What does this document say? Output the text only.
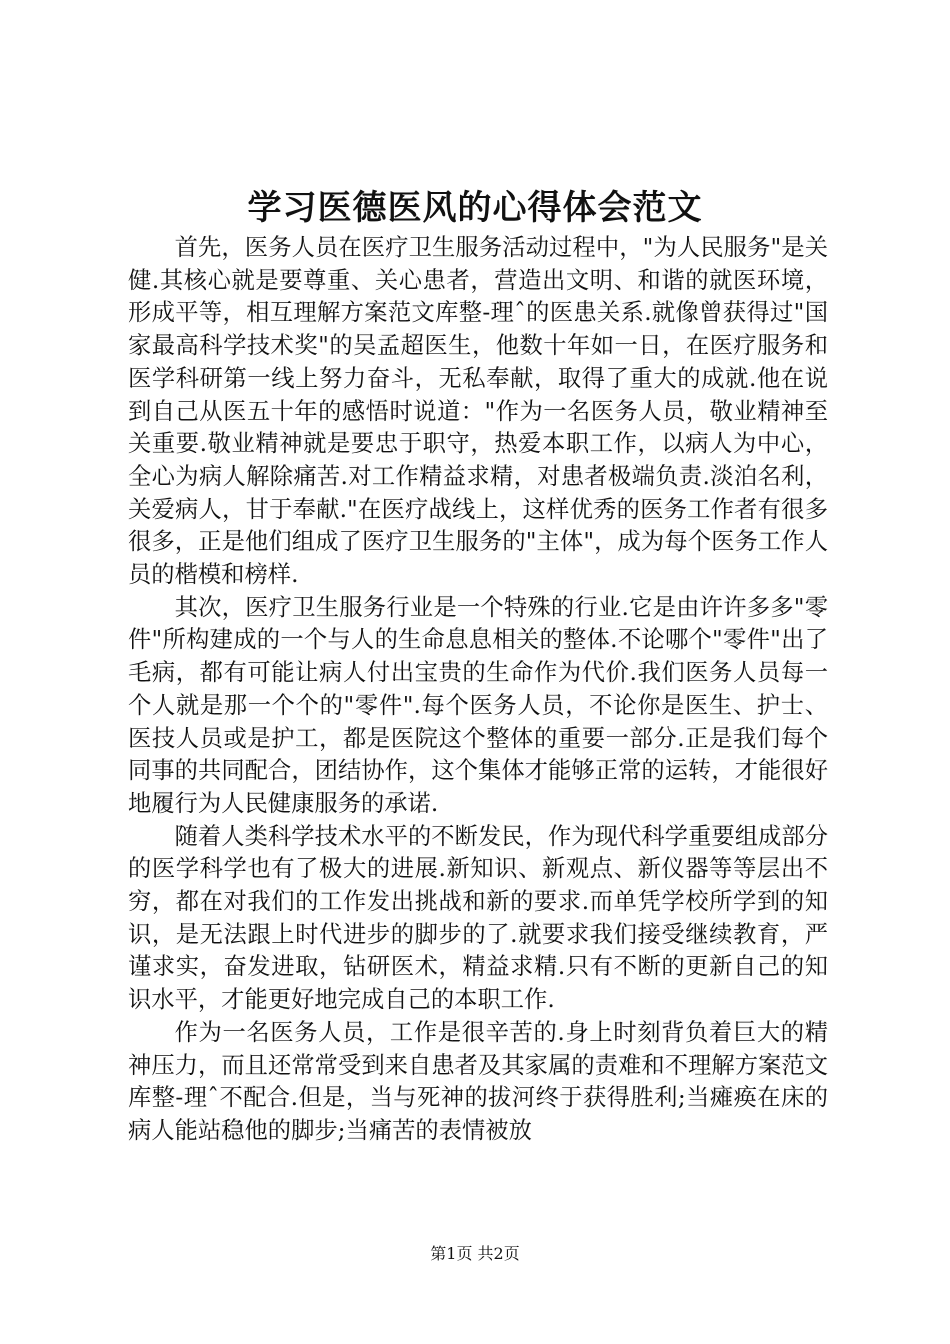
学习医德医风的心得体会范文

首先，医务人员在医疗卫生服务活动过程中，"为人民服务"是关健.其核心就是要尊重、关心患者，营造出文明、和谐的就医环境，形成平等，相互理解方案范文库整-理ˆ的医患关系.就像曾获得过"国家最高科学技术奖"的吴孟超医生，他数十年如一日，在医疗服务和医学科研第一线上努力奋斗，无私奉献，取得了重大的成就.他在说到自己从医五十年的感悟时说道："作为一名医务人员，敬业精神至关重要.敬业精神就是要忠于职守，热爱本职工作，以病人为中心，全心为病人解除痛苦.对工作精益求精，对患者极端负责.淡泊名利，关爱病人，甘于奉献."在医疗战线上，这样优秀的医务工作者有很多很多，正是他们组成了医疗卫生服务的"主体"，成为每个医务工作人员的楷模和榜样.

其次，医疗卫生服务行业是一个特殊的行业.它是由许许多多"零件"所构建成的一个与人的生命息息相关的整体.不论哪个"零件"出了毛病，都有可能让病人付出宝贵的生命作为代价.我们医务人员每一个人就是那一个个的"零件".每个医务人员，不论你是医生、护士、医技人员或是护工，都是医院这个整体的重要一部分.正是我们每个同事的共同配合，团结协作，这个集体才能够正常的运转，才能很好地履行为人民健康服务的承诺.

随着人类科学技术水平的不断发民，作为现代科学重要组成部分的医学科学也有了极大的进展.新知识、新观点、新仪器等等层出不穷，都在对我们的工作发出挑战和新的要求.而单凭学校所学到的知识，是无法跟上时代进步的脚步的了.就要求我们接受继续教育，严谨求实，奋发进取，钻研医术，精益求精.只有不断的更新自己的知识水平，才能更好地完成自己的本职工作.

作为一名医务人员，工作是很辛苦的.身上时刻背负着巨大的精神压力，而且还常常受到来自患者及其家属的责难和不理解方案范文库整-理ˆ不配合.但是，当与死神的拔河终于获得胜利;当瘫痪在床的病人能站稳他的脚步;当痛苦的表情被放

第1页 共2页
